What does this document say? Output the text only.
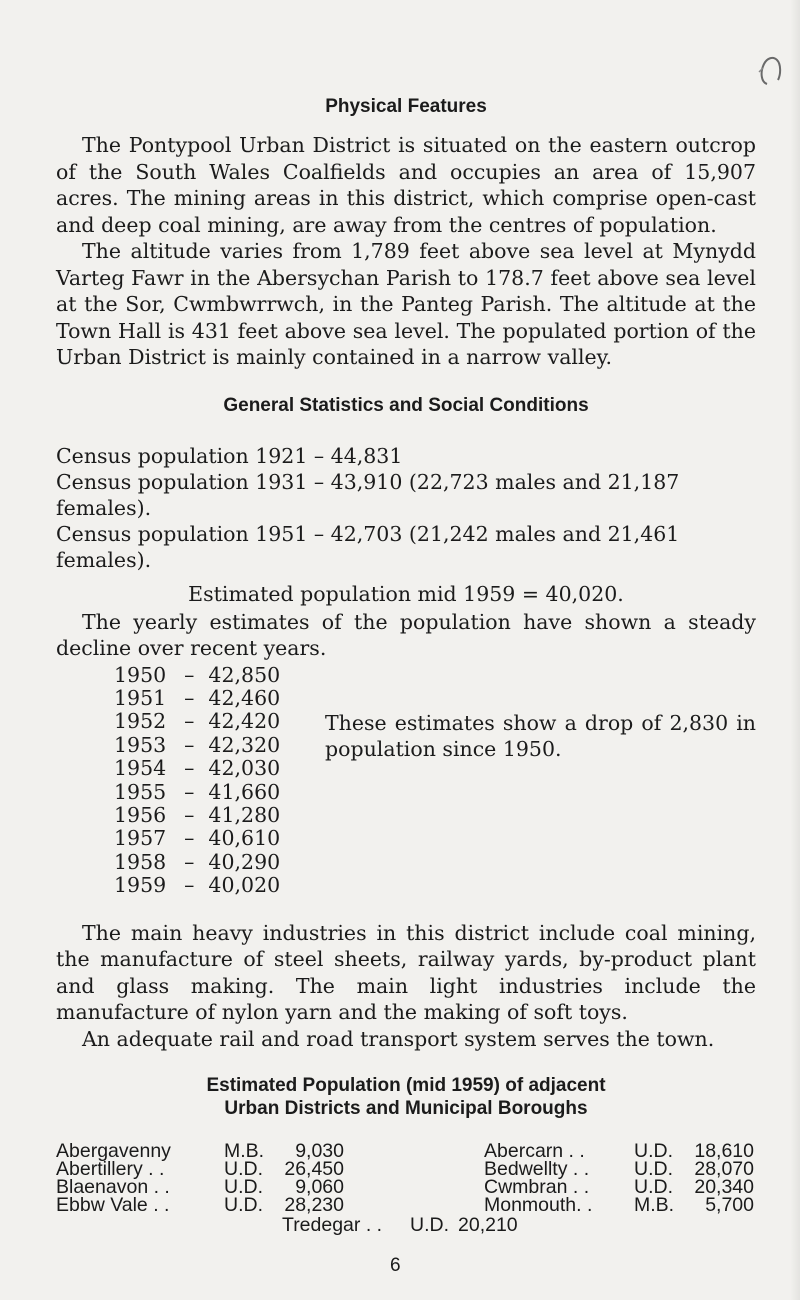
Physical Features

The Pontypool Urban District is situated on the eastern outcrop of the South Wales Coalfields and occupies an area of 15,907 acres. The mining areas in this district, which comprise open-cast and deep coal mining, are away from the centres of population.

The altitude varies from 1,789 feet above sea level at Mynydd Varteg Fawr in the Abersychan Parish to 178.7 feet above sea level at the Sor, Cwmbwrrwch, in the Panteg Parish. The altitude at the Town Hall is 431 feet above sea level. The populated portion of the Urban District is mainly contained in a narrow valley.

General Statistics and Social Conditions

Census population 1921 – 44,831

Census population 1931 – 43,910 (22,723 males and 21,187 females).

Census population 1951 – 42,703 (21,242 males and 21,461 females).

Estimated population mid 1959 = 40,020.

The yearly estimates of the population have shown a steady decline over recent years.

1950	–	42,850
1951	–	42,460
1952	–	42,420
1953	–	42,320
1954	–	42,030
1955	–	41,660
1956	–	41,280
1957	–	40,610
1958	–	40,290
1959	–	40,020

These estimates show a drop of 2,830 in population since 1950.

The main heavy industries in this district include coal mining, the manufacture of steel sheets, railway yards, by-product plant and glass making. The main light industries include the manufacture of nylon yarn and the making of soft toys.

An adequate rail and road transport system serves the town.

Estimated Population (mid 1959) of adjacent
Urban Districts and Municipal Boroughs
Abergavenny	M.B.	9,030
Abertillery . .	U.D.	26,450
Blaenavon . .	U.D.	9,060
Ebbw Vale . .	U.D.	28,230
Abercarn . .	U.D.	18,610
Bedwellty . .	U.D.	28,070
Cwmbran . .	U.D.	20,340
Monmouth. .	M.B.	5,700
Tredegar . . U.D. 20,210
6
